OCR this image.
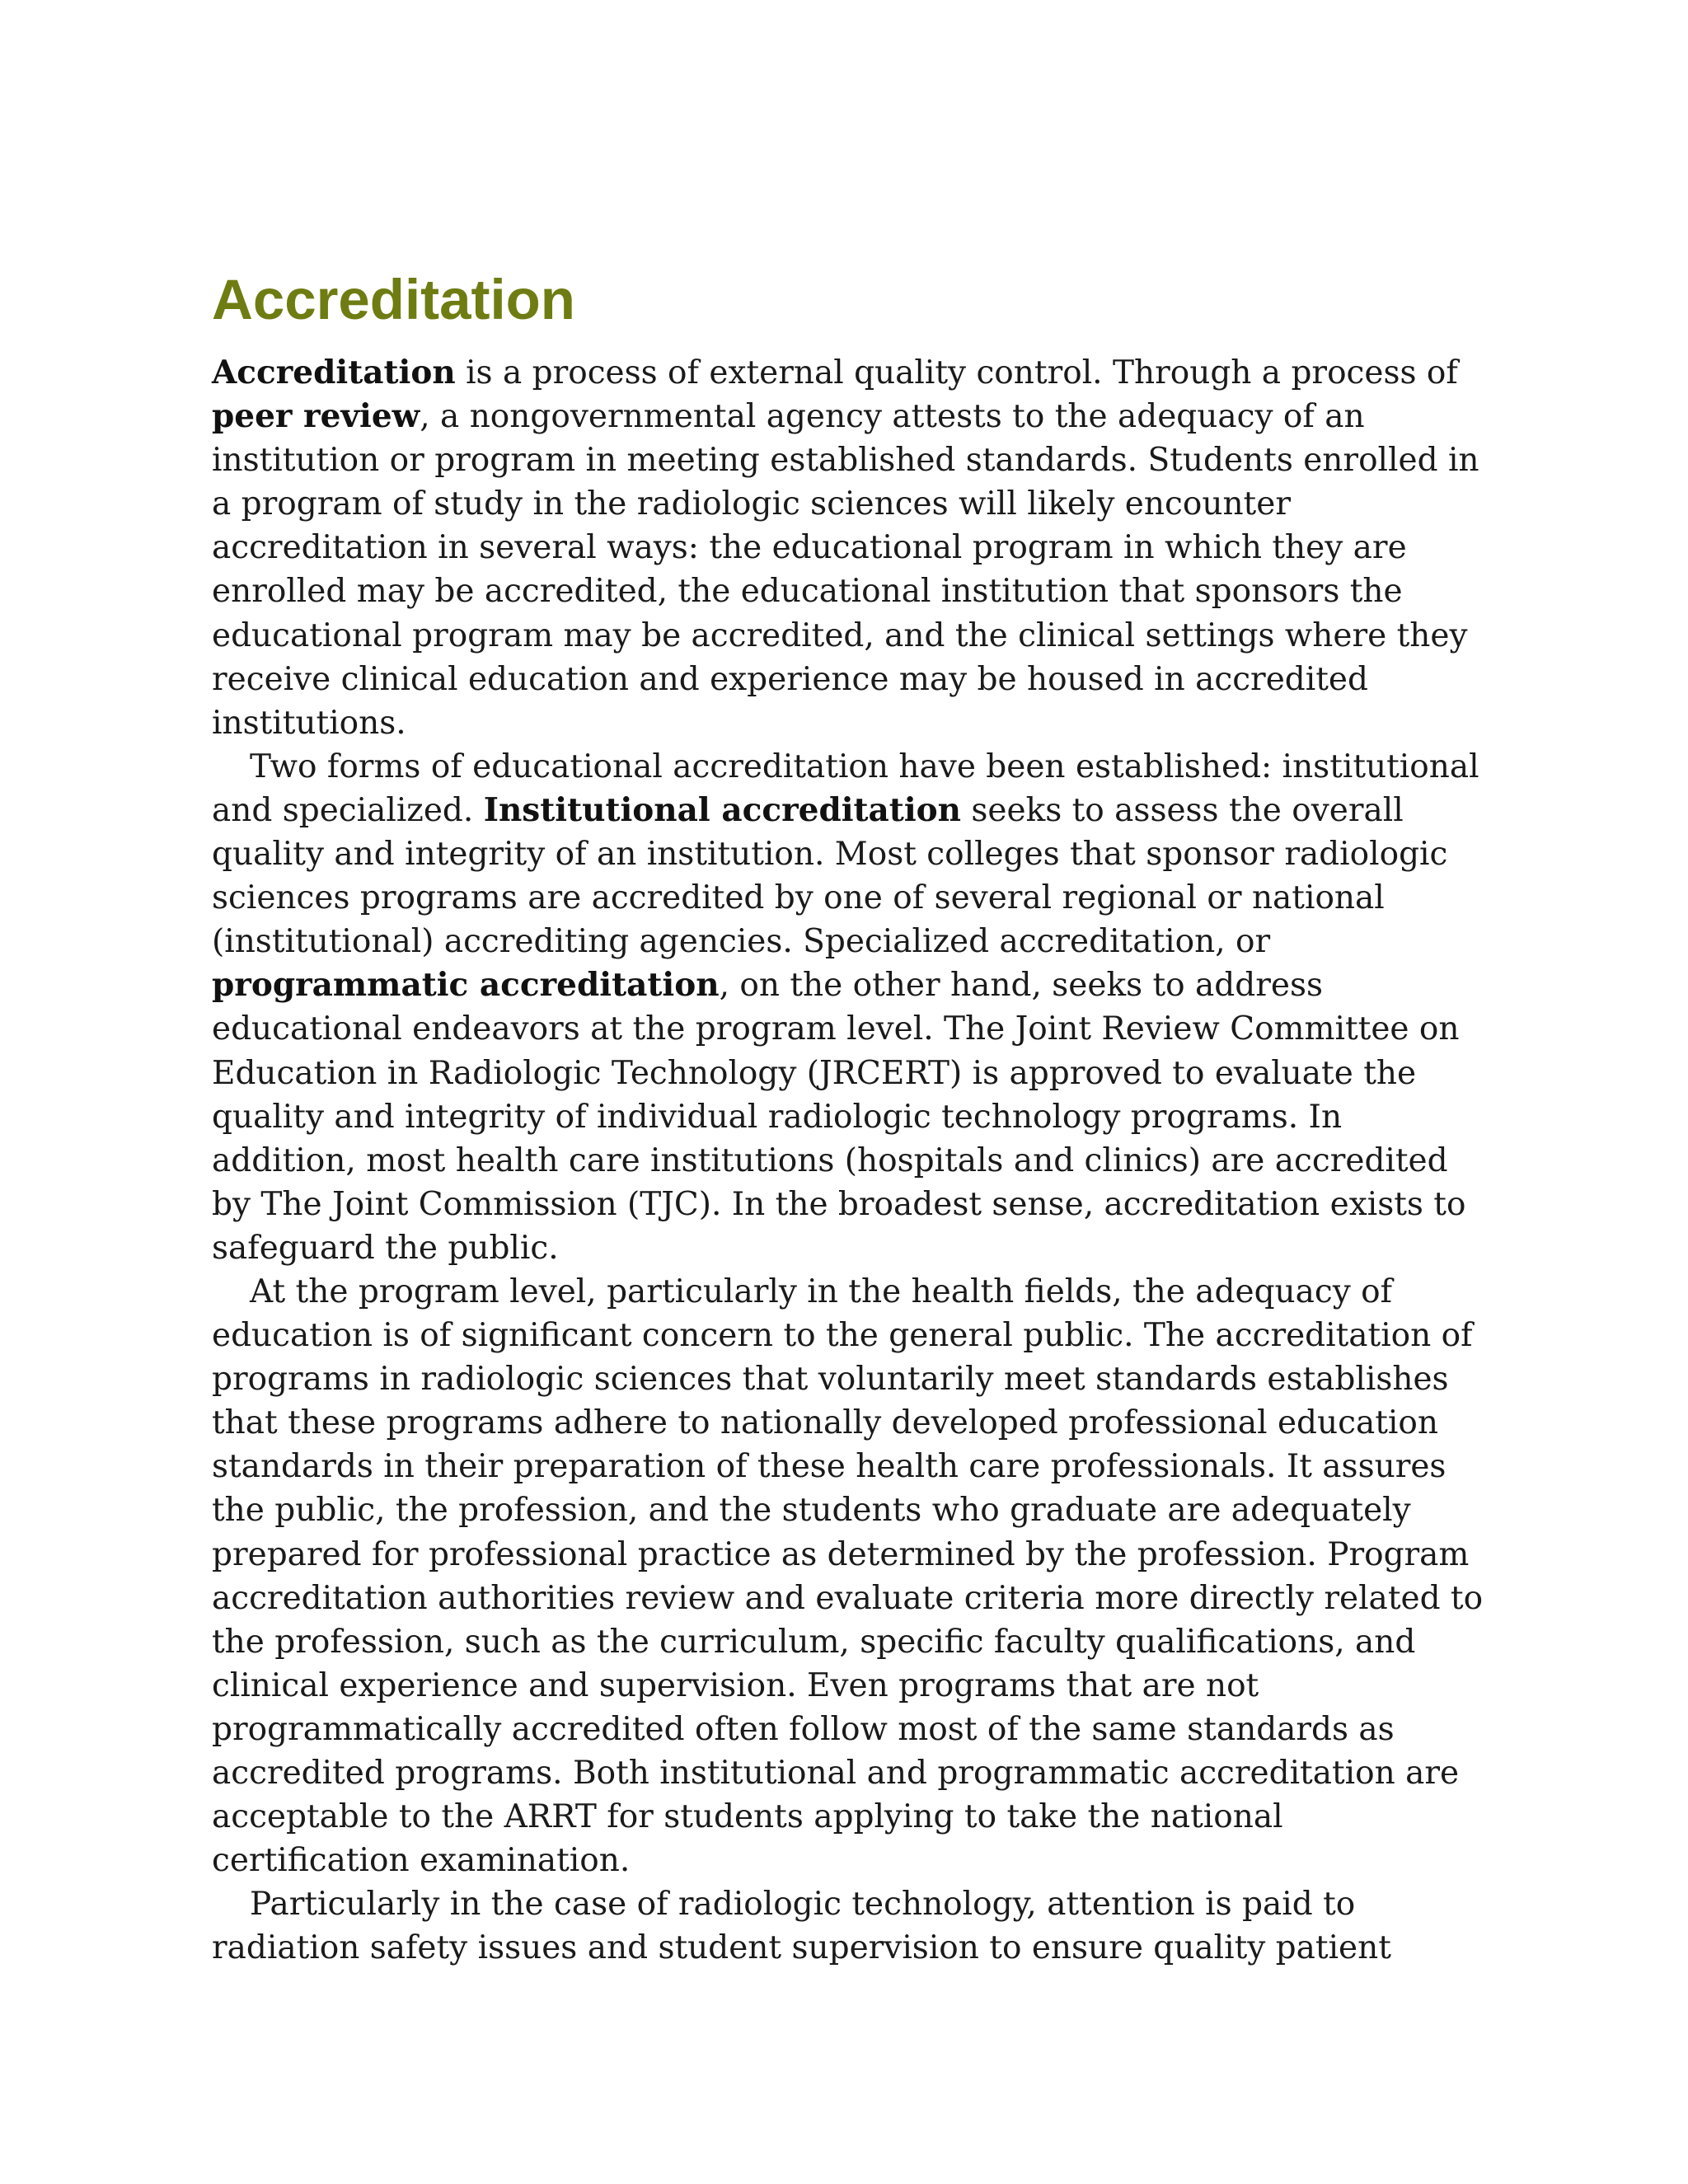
Accreditation

Accreditation is a process of external quality control. Through a process of peer review, a nongovernmental agency attests to the adequacy of an institution or program in meeting established standards. Students enrolled in a program of study in the radiologic sciences will likely encounter accreditation in several ways: the educational program in which they are enrolled may be accredited, the educational institution that sponsors the educational program may be accredited, and the clinical settings where they receive clinical education and experience may be housed in accredited institutions.

Two forms of educational accreditation have been established: institutional and specialized. Institutional accreditation seeks to assess the overall quality and integrity of an institution. Most colleges that sponsor radiologic sciences programs are accredited by one of several regional or national (institutional) accrediting agencies. Specialized accreditation, or programmatic accreditation, on the other hand, seeks to address educational endeavors at the program level. The Joint Review Committee on Education in Radiologic Technology (JRCERT) is approved to evaluate the quality and integrity of individual radiologic technology programs. In addition, most health care institutions (hospitals and clinics) are accredited by The Joint Commission (TJC). In the broadest sense, accreditation exists to safeguard the public.

At the program level, particularly in the health fields, the adequacy of education is of significant concern to the general public. The accreditation of programs in radiologic sciences that voluntarily meet standards establishes that these programs adhere to nationally developed professional education standards in their preparation of these health care professionals. It assures the public, the profession, and the students who graduate are adequately prepared for professional practice as determined by the profession. Program accreditation authorities review and evaluate criteria more directly related to the profession, such as the curriculum, specific faculty qualifications, and clinical experience and supervision. Even programs that are not programmatically accredited often follow most of the same standards as accredited programs. Both institutional and programmatic accreditation are acceptable to the ARRT for students applying to take the national certification examination.

Particularly in the case of radiologic technology, attention is paid to radiation safety issues and student supervision to ensure quality patient
